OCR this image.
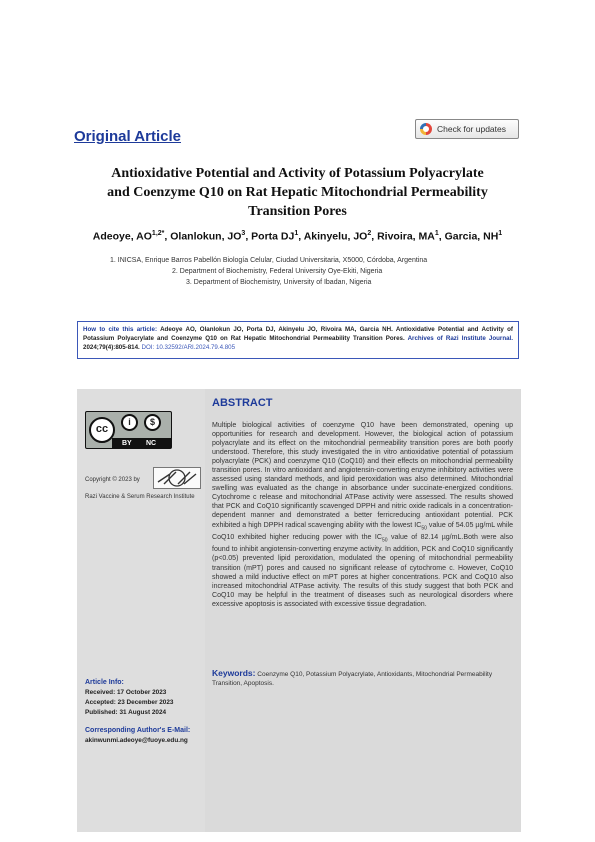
Original Article	Check for updates
Antioxidative Potential and Activity of Potassium Polyacrylate
and Coenzyme Q10 on Rat Hepatic Mitochondrial Permeability
Transition Pores
Adeoye, $AO^{1,2*}$, Olanlokun, $JO^3$, Porta $DJ^1$, Akinyelu, $JO^2$, Rivoira, $MA^1$, Garcia, $NH^1$
1. INICSA, Enrique Barros Pabellón Biología Celular, Ciudad Universitaria, X5000, Córdoba, Argentina
2. Department of Biochemistry, Federal University Oye-Ekiti, Nigeria
3. Department of Biochemistry, University of Ibadan, Nigeria
How to cite this article: Adeoye AO, Olanlokun JO, Porta DJ, Akinyelu JO, Rivoira MA, Garcia NH. Antioxidative Potential and Activity of Potassium Polyacrylate and Coenzyme Q10 on Rat Hepatic Mitochondrial Permeability Transition Pores. Archives of Razi Institute Journal. 2024;79(4):805-814. DOI: 10.32592/ARI.2024.79.4.805
cc
i	$
BY NC
Copyright © 2023 by
Razi Vaccine & Serum Research Institute
Article Info:
Received: 17 October 2023
Accepted: 23 December 2023
Published: 31 August 2024
Corresponding Author's E-Mail:
akinwunmi.adeoye@fuoye.edu.ng
ABSTRACT
Multiple biological activities of coenzyme Q10 have been demonstrated, opening up opportunities for research and development. However, the biological action of potassium polyacrylate and its effect on the mitochondrial permeability transition pores are both poorly understood. Therefore, this study investigated the in vitro antioxidative potential of potassium polyacrylate (PCK) and coenzyme Q10 (CoQ10) and their effects on mitochondrial permeability transition pores. In vitro antioxidant and angiotensin-converting enzyme inhibitory activities were assessed using standard methods, and lipid peroxidation was also determined. Mitochondrial swelling was evaluated as the change in absorbance under succinate-energized conditions. Cytochrome c release and mitochondrial ATPase activity were assessed. The results showed that PCK and CoQ10 significantly scavenged DPPH and nitric oxide radicals in a concentration-dependent manner and demonstrated a better ferricreducing antioxidant potential. PCK exhibited a high DPPH radical scavenging ability with the lowest $IC_{50}$ value of 54.05 µg/mL while CoQ10 exhibited higher reducing power with the $IC_{50}$ value of 82.14 µg/mL.Both were also found to inhibit angiotensin-converting enzyme activity. In addition, PCK and CoQ10 significantly (p<0.05) prevented lipid peroxidation, modulated the opening of mitochondrial permeability transition (mPT) pores and caused no significant release of cytochrome c. However, CoQ10 showed a mild inductive effect on mPT pores at higher concentrations. PCK and CoQ10 also increased mitochondrial ATPase activity. The results of this study suggest that both PCK and CoQ10 may be helpful in the treatment of diseases such as neurological disorders where excessive apoptosis is associated with excessive tissue degradation.
Keywords: Coenzyme Q10, Potassium Polyacrylate, Antioxidants, Mitochondrial Permeability Transition, Apoptosis.
